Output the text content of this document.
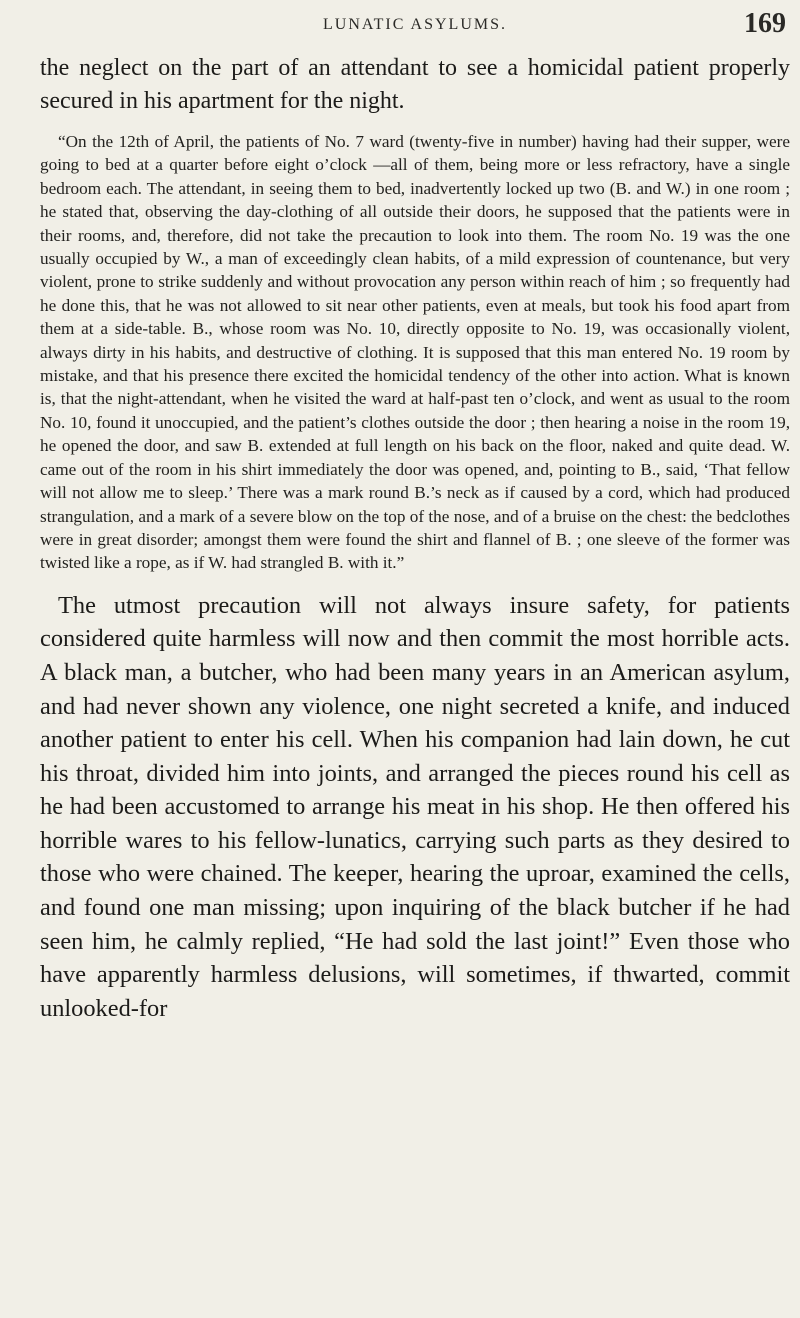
LUNATIC ASYLUMS.	169

the neglect on the part of an attendant to see a homicidal patient properly secured in his apartment for the night.

“On the 12th of April, the patients of No. 7 ward (twenty-five in number) having had their supper, were going to bed at a quarter before eight o’clock —all of them, being more or less refractory, have a single bedroom each. The attendant, in seeing them to bed, inadvertently locked up two (B. and W.) in one room ; he stated that, observing the day-clothing of all outside their doors, he supposed that the patients were in their rooms, and, therefore, did not take the precaution to look into them. The room No. 19 was the one usually occupied by W., a man of exceedingly clean habits, of a mild expression of countenance, but very violent, prone to strike suddenly and without provocation any person within reach of him ; so frequently had he done this, that he was not allowed to sit near other patients, even at meals, but took his food apart from them at a side-table. B., whose room was No. 10, directly opposite to No. 19, was occasionally violent, always dirty in his habits, and destructive of clothing. It is supposed that this man entered No. 19 room by mistake, and that his presence there excited the homicidal tendency of the other into action. What is known is, that the night-attendant, when he visited the ward at half-past ten o’clock, and went as usual to the room No. 10, found it unoccupied, and the patient’s clothes outside the door ; then hearing a noise in the room 19, he opened the door, and saw B. extended at full length on his back on the floor, naked and quite dead. W. came out of the room in his shirt immediately the door was opened, and, pointing to B., said, ‘That fellow will not allow me to sleep.’ There was a mark round B.’s neck as if caused by a cord, which had produced strangulation, and a mark of a severe blow on the top of the nose, and of a bruise on the chest: the bedclothes were in great disorder; amongst them were found the shirt and flannel of B. ; one sleeve of the former was twisted like a rope, as if W. had strangled B. with it.”

The utmost precaution will not always insure safety, for patients considered quite harmless will now and then commit the most horrible acts. A black man, a butcher, who had been many years in an American asylum, and had never shown any violence, one night secreted a knife, and induced another patient to enter his cell. When his companion had lain down, he cut his throat, divided him into joints, and arranged the pieces round his cell as he had been accustomed to arrange his meat in his shop. He then offered his horrible wares to his fellow-lunatics, carrying such parts as they desired to those who were chained. The keeper, hearing the uproar, examined the cells, and found one man missing; upon inquiring of the black butcher if he had seen him, he calmly replied, “He had sold the last joint!” Even those who have apparently harmless delusions, will sometimes, if thwarted, commit unlooked-for
